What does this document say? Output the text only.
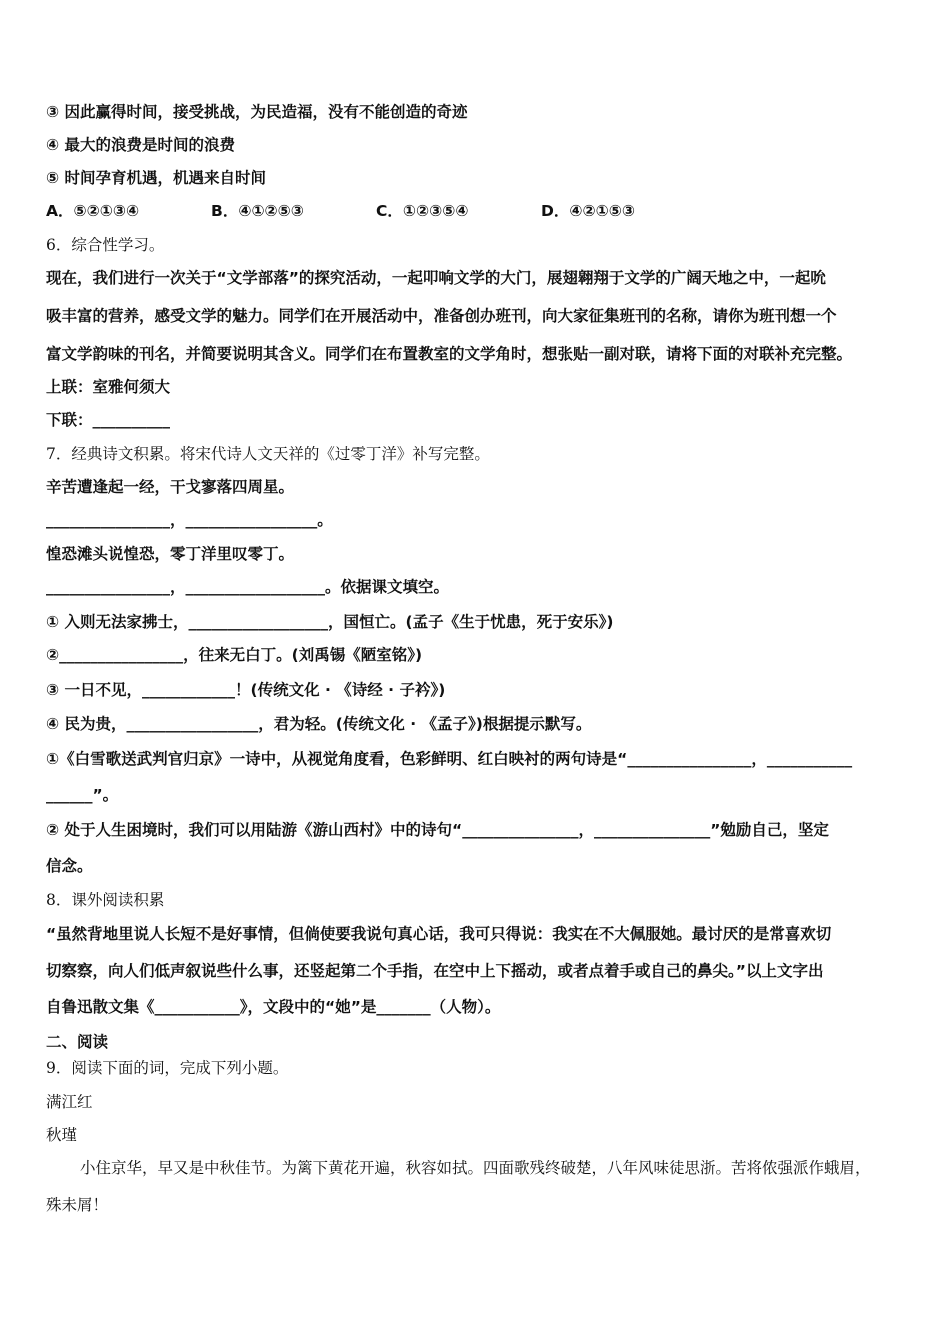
③ 因此赢得时间，接受挑战，为民造福，没有不能创造的奇迹
④ 最大的浪费是时间的浪费
⑤ 时间孕育机遇，机遇来自时间
A．⑤②①③④	B．④①②⑤③	C．①②③⑤④	D．④②①⑤③
6．综合性学习。
现在，我们进行一次关于“文学部落”的探究活动，一起叩响文学的大门，展翅翱翔于文学的广阔天地之中，一起吮
吸丰富的营养，感受文学的魅力。同学们在开展活动中，准备创办班刊，向大家征集班刊的名称，请你为班刊想一个
富文学韵味的刊名，并简要说明其含义。同学们在布置教室的文学角时，想张贴一副对联，请将下面的对联补充完整。
上联：室雅何须大
下联：__________
7．经典诗文积累。将宋代诗人文天祥的《过零丁洋》补写完整。
辛苦遭逢起一经，干戈寥落四周星。
________________，_________________。
惶恐滩头说惶恐，零丁洋里叹零丁。
________________，__________________。依据课文填空。
① 入则无法家拂士，__________________，国恒亡。(孟子《生于忧患，死于安乐》)
②________________，往来无白丁。(刘禹锡《陋室铭》)
③ 一日不见，____________！(传统文化 · 《诗经 · 子衿》)
④ 民为贵，_________________，君为轻。(传统文化 · 《孟子》)根据提示默写。
①《白雪歌送武判官归京》一诗中，从视觉角度看，色彩鲜明、红白映衬的两句诗是“________________，___________
______”。
② 处于人生困境时，我们可以用陆游《游山西村》中的诗句“_______________，_______________”勉励自己，坚定
信念。
8．课外阅读积累
“虽然背地里说人长短不是好事情，但倘使要我说句真心话，我可只得说：我实在不大佩服她。最讨厌的是常喜欢切
切察察，向人们低声叙说些什么事，还竖起第二个手指，在空中上下摇动，或者点着手或自己的鼻尖。”以上文字出
自鲁迅散文集《___________》，文段中的“她”是_______（人物）。
二、阅读
9．阅读下面的词，完成下列小题。
满江红
秋瑾
小住京华，早又是中秋佳节。为篱下黄花开遍，秋容如拭。四面歌残终破楚，八年风味徒思浙。苦将侬强派作蛾眉，
殊未屑！
